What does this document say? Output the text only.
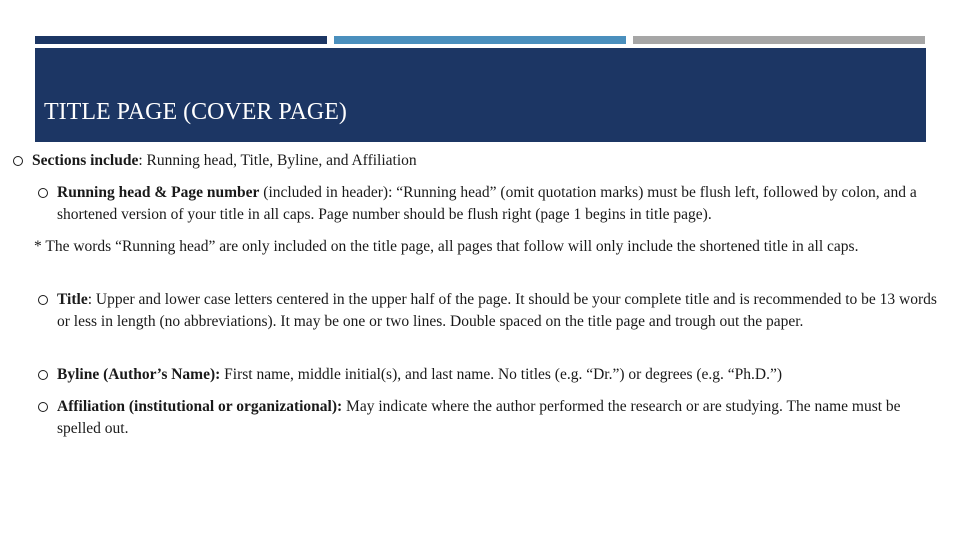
TITLE PAGE (COVER PAGE)
Sections include: Running head, Title, Byline, and Affiliation
Running head & Page number (included in header): “Running head” (omit quotation marks) must be flush left, followed by colon, and a shortened version of your title in all caps. Page number should be flush right (page 1 begins in title page).
* The words “Running head” are only included on the title page, all pages that follow will only include the shortened title in all caps.
Title: Upper and lower case letters centered in the upper half of the page. It should be your complete title and is recommended to be 13 words or less in length (no abbreviations). It may be one or two lines. Double spaced on the title page and trough out the paper.
Byline (Author’s Name): First name, middle initial(s), and last name. No titles (e.g. “Dr.”) or degrees (e.g. “Ph.D.”)
Affiliation (institutional or organizational): May indicate where the author performed the research or are studying. The name must be spelled out.
